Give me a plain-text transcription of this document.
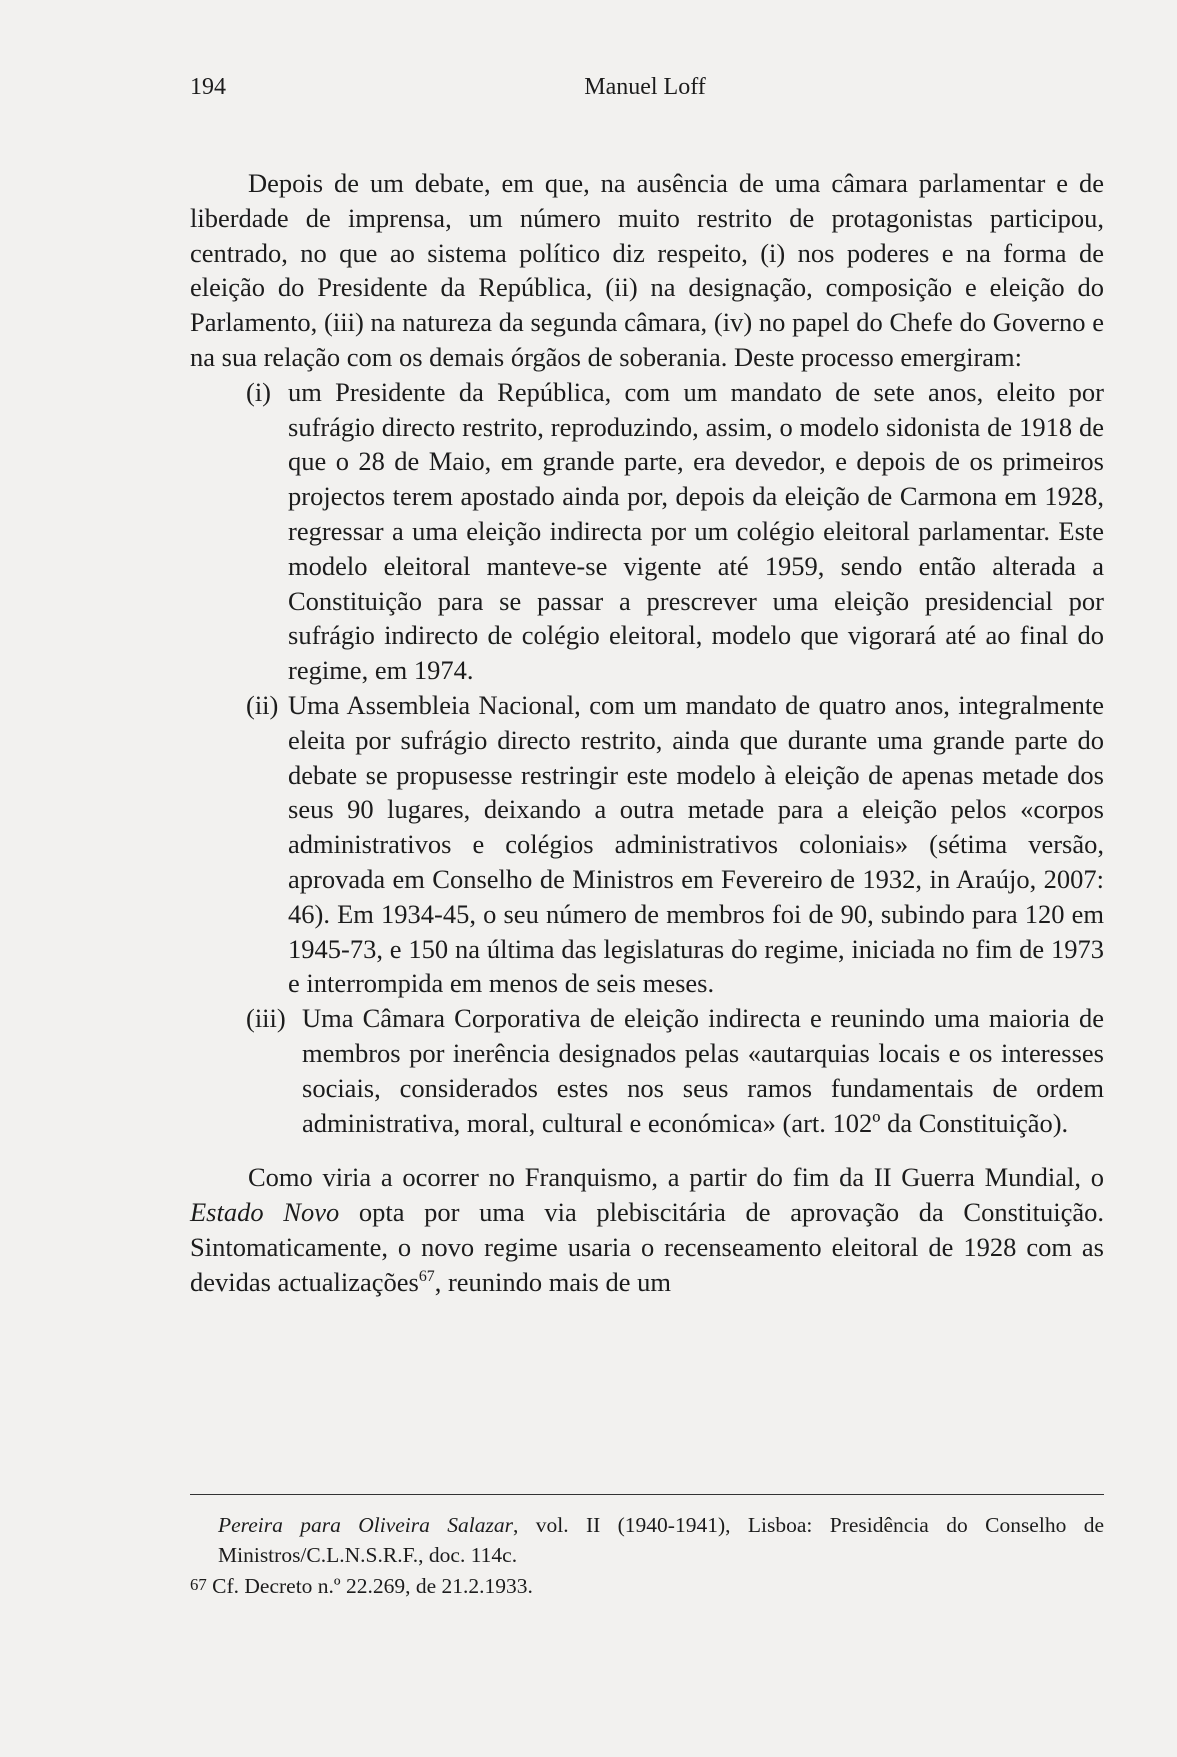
194	Manuel Loff

Depois de um debate, em que, na ausência de uma câmara parlamentar e de liberdade de imprensa, um número muito restrito de protagonistas participou, centrado, no que ao sistema político diz respeito, (i) nos poderes e na forma de eleição do Presidente da República, (ii) na designação, composição e eleição do Parlamento, (iii) na natureza da segunda câmara, (iv) no papel do Chefe do Governo e na sua relação com os demais órgãos de soberania. Deste processo emergiram:

(i) um Presidente da República, com um mandato de sete anos, eleito por sufrágio directo restrito, reproduzindo, assim, o modelo sidonista de 1918 de que o 28 de Maio, em grande parte, era devedor, e depois de os primeiros projectos terem apostado ainda por, depois da eleição de Carmona em 1928, regressar a uma eleição indirecta por um colégio eleitoral parlamentar. Este modelo eleitoral manteve-se vigente até 1959, sendo então alterada a Constituição para se passar a prescrever uma eleição presidencial por sufrágio indirecto de colégio eleitoral, modelo que vigorará até ao final do regime, em 1974.
(ii) Uma Assembleia Nacional, com um mandato de quatro anos, integralmente eleita por sufrágio directo restrito, ainda que durante uma grande parte do debate se propusesse restringir este modelo à eleição de apenas metade dos seus 90 lugares, deixando a outra metade para a eleição pelos «corpos administrativos e colégios administrativos coloniais» (sétima versão, aprovada em Conselho de Ministros em Fevereiro de 1932, in Araújo, 2007: 46). Em 1934-45, o seu número de membros foi de 90, subindo para 120 em 1945-73, e 150 na última das legislaturas do regime, iniciada no fim de 1973 e interrompida em menos de seis meses.
(iii) Uma Câmara Corporativa de eleição indirecta e reunindo uma maioria de membros por inerência designados pelas «autarquias locais e os interesses sociais, considerados estes nos seus ramos fundamentais de ordem administrativa, moral, cultural e económica» (art. 102º da Constituição).

Como viria a ocorrer no Franquismo, a partir do fim da II Guerra Mundial, o Estado Novo opta por uma via plebiscitária de aprovação da Constituição. Sintomaticamente, o novo regime usaria o recenseamento eleitoral de 1928 com as devidas actualizações$^{67}$, reunindo mais de um

Pereira para Oliveira Salazar, vol. II (1940-1941), Lisboa: Presidência do Conselho de Ministros/C.L.N.S.R.F., doc. 114c.

67 Cf. Decreto n.º 22.269, de 21.2.1933.
